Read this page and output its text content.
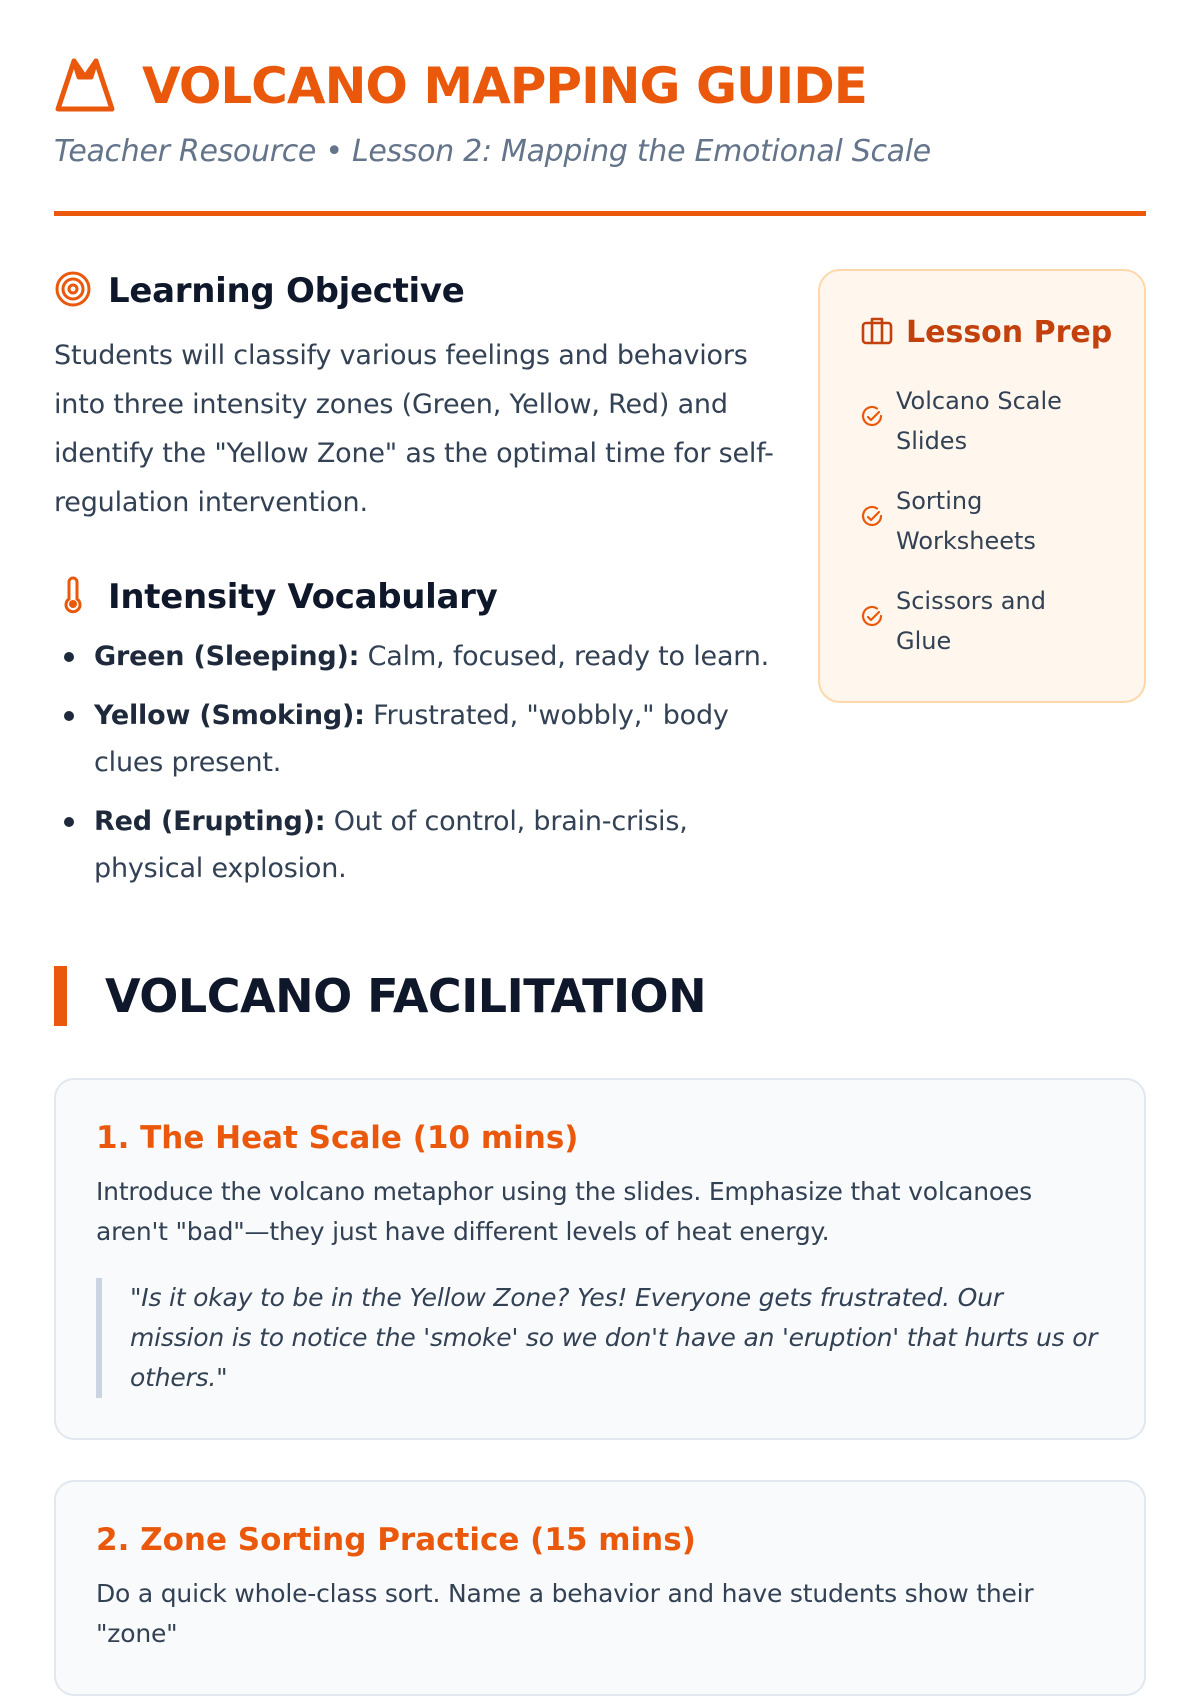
VOLCANO MAPPING GUIDE
Teacher Resource • Lesson 2: Mapping the Emotional Scale
Learning Objective

Students will classify various feelings and behaviors into three intensity zones (Green, Yellow, Red) and identify the "Yellow Zone" as the optimal time for self-regulation intervention.

Intensity Vocabulary
Green (Sleeping): Calm, focused, ready to learn.
Yellow (Smoking): Frustrated, "wobbly," body clues present.
Red (Erupting): Out of control, brain-crisis, physical explosion.
Lesson Prep
Volcano Scale Slides
Sorting Worksheets
Scissors and Glue
VOLCANO FACILITATION
1. The Heat Scale (10 mins)

Introduce the volcano metaphor using the slides. Emphasize that volcanoes aren't "bad"—they just have different levels of heat energy.

"Is it okay to be in the Yellow Zone? Yes! Everyone gets frustrated. Our mission is to notice the 'smoke' so we don't have an 'eruption' that hurts us or others."
2. Zone Sorting Practice (15 mins)

Do a quick whole-class sort. Name a behavior and have students show their "zone"
